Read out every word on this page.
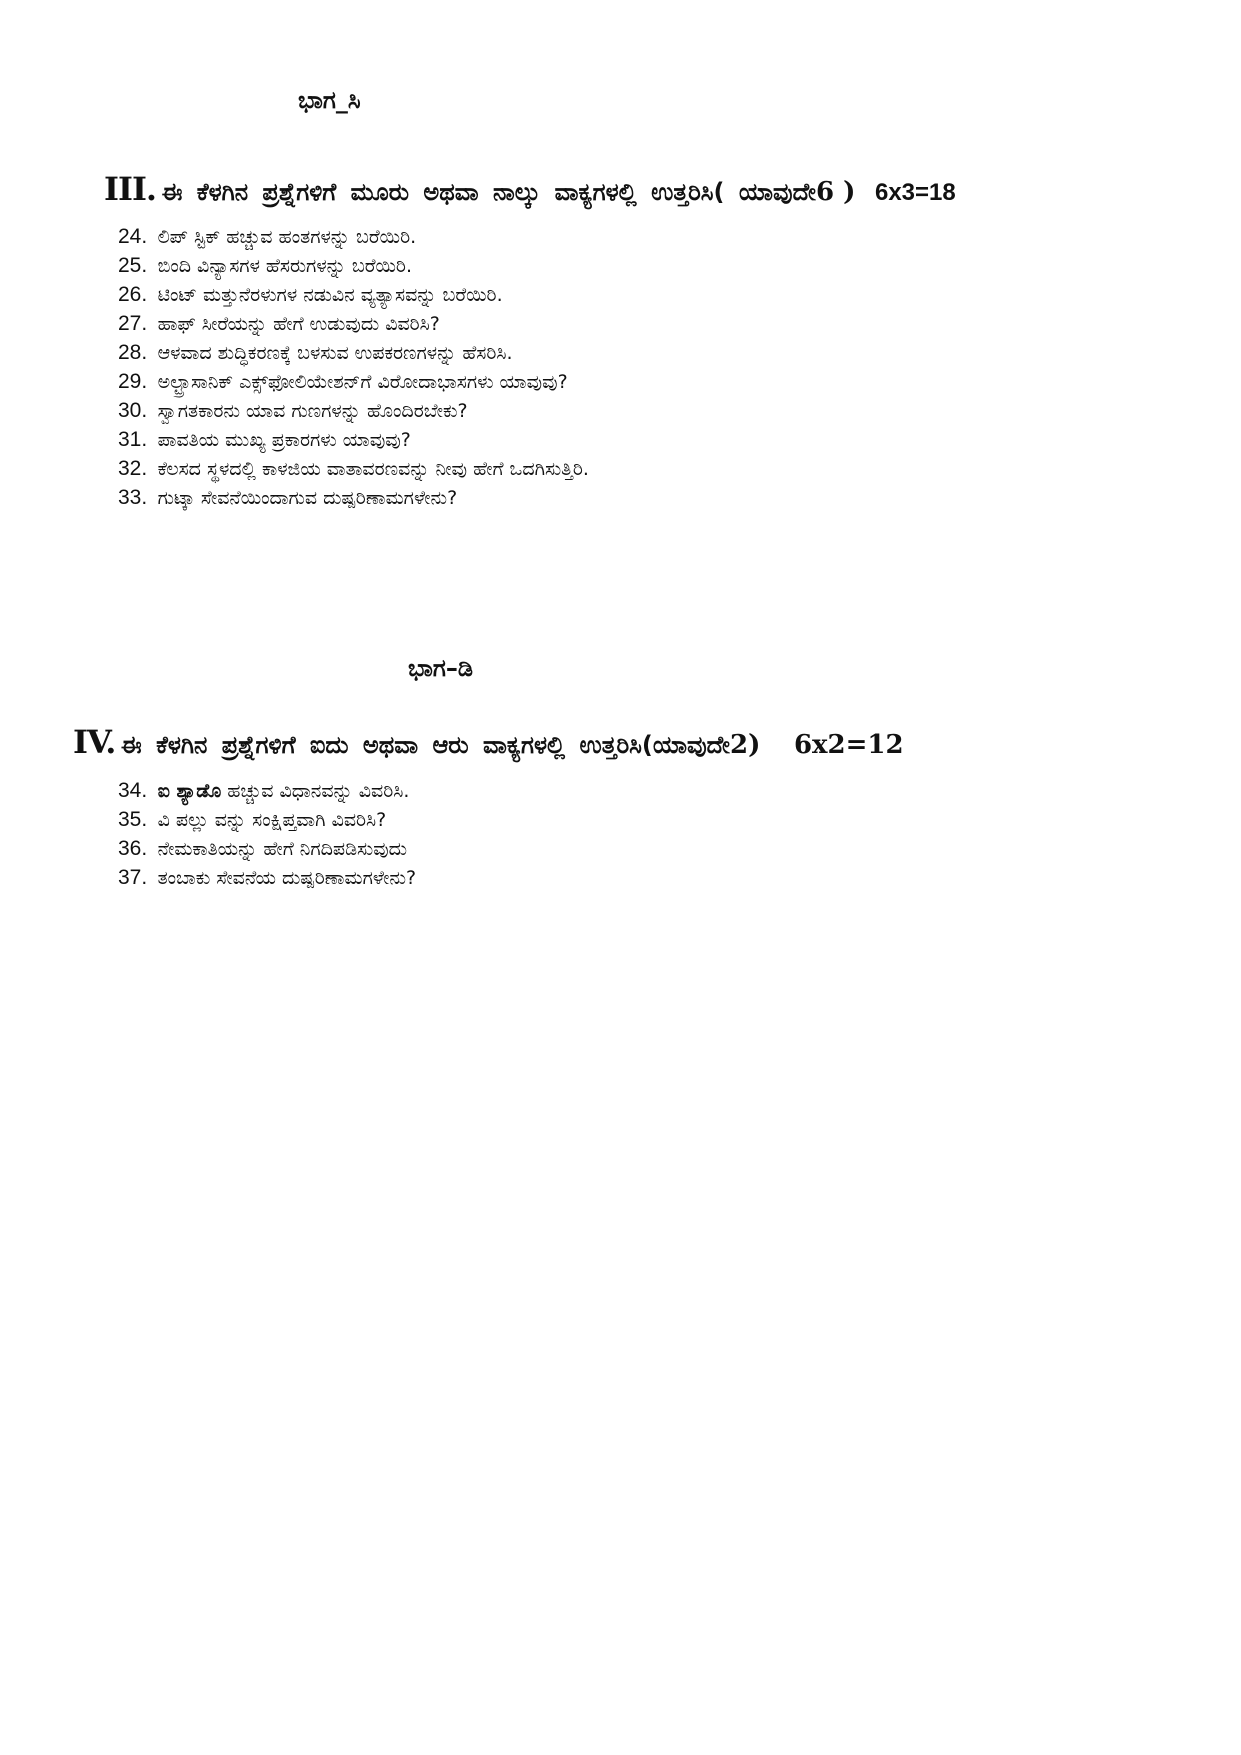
ಭಾಗ_ಸಿ
III. ಈ ಕೆಳಗಿನ ಪ್ರಶ್ನೆಗಳಿಗೆ ಮೂರು ಅಥವಾ ನಾಲ್ಕು ವಾಕ್ಯಗಳಲ್ಲಿ ಉತ್ತರಿಸಿ( ಯಾವುದೇ6 ) 6x3=18
24. ಲಿಪ್ ಸ್ಟಿಕ್ ಹಚ್ಚುವ ಹಂತಗಳನ್ನು ಬರೆಯಿರಿ.
25. ಬಿಂದಿ ವಿನ್ಯಾಸಗಳ ಹೆಸರುಗಳನ್ನು ಬರೆಯಿರಿ.
26. ಟಿಂಟ್ ಮತ್ತುನೆರಳುಗಳ ನಡುವಿನ ವ್ಯತ್ಯಾಸವನ್ನು ಬರೆಯಿರಿ.
27. ಹಾಫ್ ಸೀರೆಯನ್ನು ಹೇಗೆ ಉಡುವುದು ವಿವರಿಸಿ?
28. ಆಳವಾದ ಶುದ್ಧಿಕರಣಕ್ಕೆ ಬಳಸುವ ಉಪಕರಣಗಳನ್ನು ಹೆಸರಿಸಿ.
29. ಅಲ್ಟ್ರಾಸಾನಿಕ್ ಎಕ್ಸ್‌ಫೋಲಿಯೇಶನ್‌ಗೆ ವಿರೋದಾಭಾಸಗಳು ಯಾವುವು?
30. ಸ್ವಾಗತಕಾರನು ಯಾವ ಗುಣಗಳನ್ನು ಹೊಂದಿರಬೇಕು?
31. ಪಾವತಿಯ ಮುಖ್ಯ ಪ್ರಕಾರಗಳು ಯಾವುವು?
32. ಕೆಲಸದ ಸ್ಥಳದಲ್ಲಿ ಕಾಳಜಿಯ ವಾತಾವರಣವನ್ನು ನೀವು ಹೇಗೆ ಒದಗಿಸುತ್ತಿರಿ.
33. ಗುಟ್ಕಾ ಸೇವನೆಯಿಂದಾಗುವ ದುಷ್ಪರಿಣಾಮಗಳೇನು?
ಭಾಗ–ಡಿ
IV. ಈ ಕೆಳಗಿನ ಪ್ರಶ್ನೆಗಳಿಗೆ ಐದು ಅಥವಾ ಆರು ವಾಕ್ಯಗಳಲ್ಲಿ ಉತ್ತರಿಸಿ(ಯಾವುದೇ2) 6x2=12
34. ಐ ಶ್ಯಾಡೊ ಹಚ್ಚುವ ವಿಧಾನವನ್ನು ವಿವರಿಸಿ.
35. ವಿ ಪಲ್ಲು ವನ್ನು ಸಂಕ್ಷಿಪ್ತವಾಗಿ ವಿವರಿಸಿ?
36. ನೇಮಕಾತಿಯನ್ನು ಹೇಗೆ ನಿಗದಿಪಡಿಸುವುದು
37. ತಂಬಾಕು ಸೇವನೆಯ ದುಷ್ಪರಿಣಾಮಗಳೇನು?
